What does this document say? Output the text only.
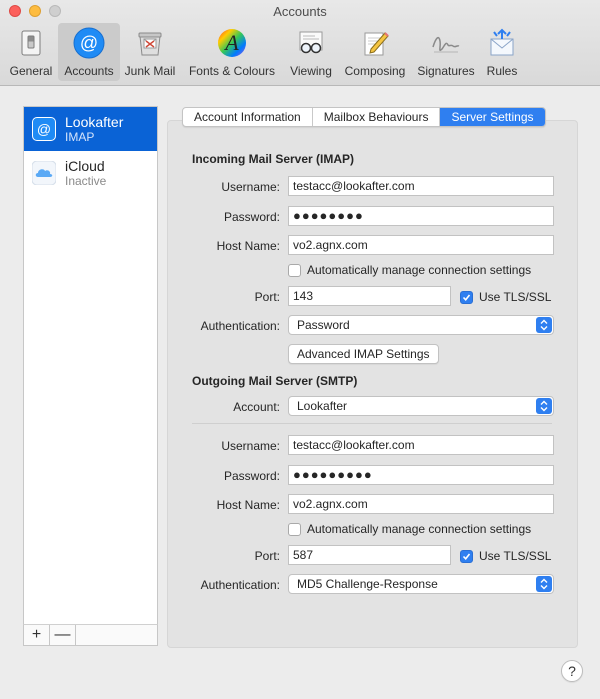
Accounts
General
@
Accounts Junk Mail
A
Fonts & Colours Viewing Composing Signatures Rules
@ Lookafter
IMAP
iCloud
Inactive
+ —
Account Information	Mailbox Behaviours	Server Settings
Incoming Mail Server (IMAP)
Username:
testacc@lookafter.com
Password:	●●●●●●●●
Host Name:
vo2.agnx.com
Automatically manage connection settings
Port:
143	Use TLS/SSL
Authentication:	Password
Advanced IMAP Settings
Outgoing Mail Server (SMTP)
Account:	Lookafter
Username:
testacc@lookafter.com
Password:	●●●●●●●●●
Host Name:
vo2.agnx.com
Automatically manage connection settings
Port:
587	Use TLS/SSL
Authentication:	MD5 Challenge-Response
?
